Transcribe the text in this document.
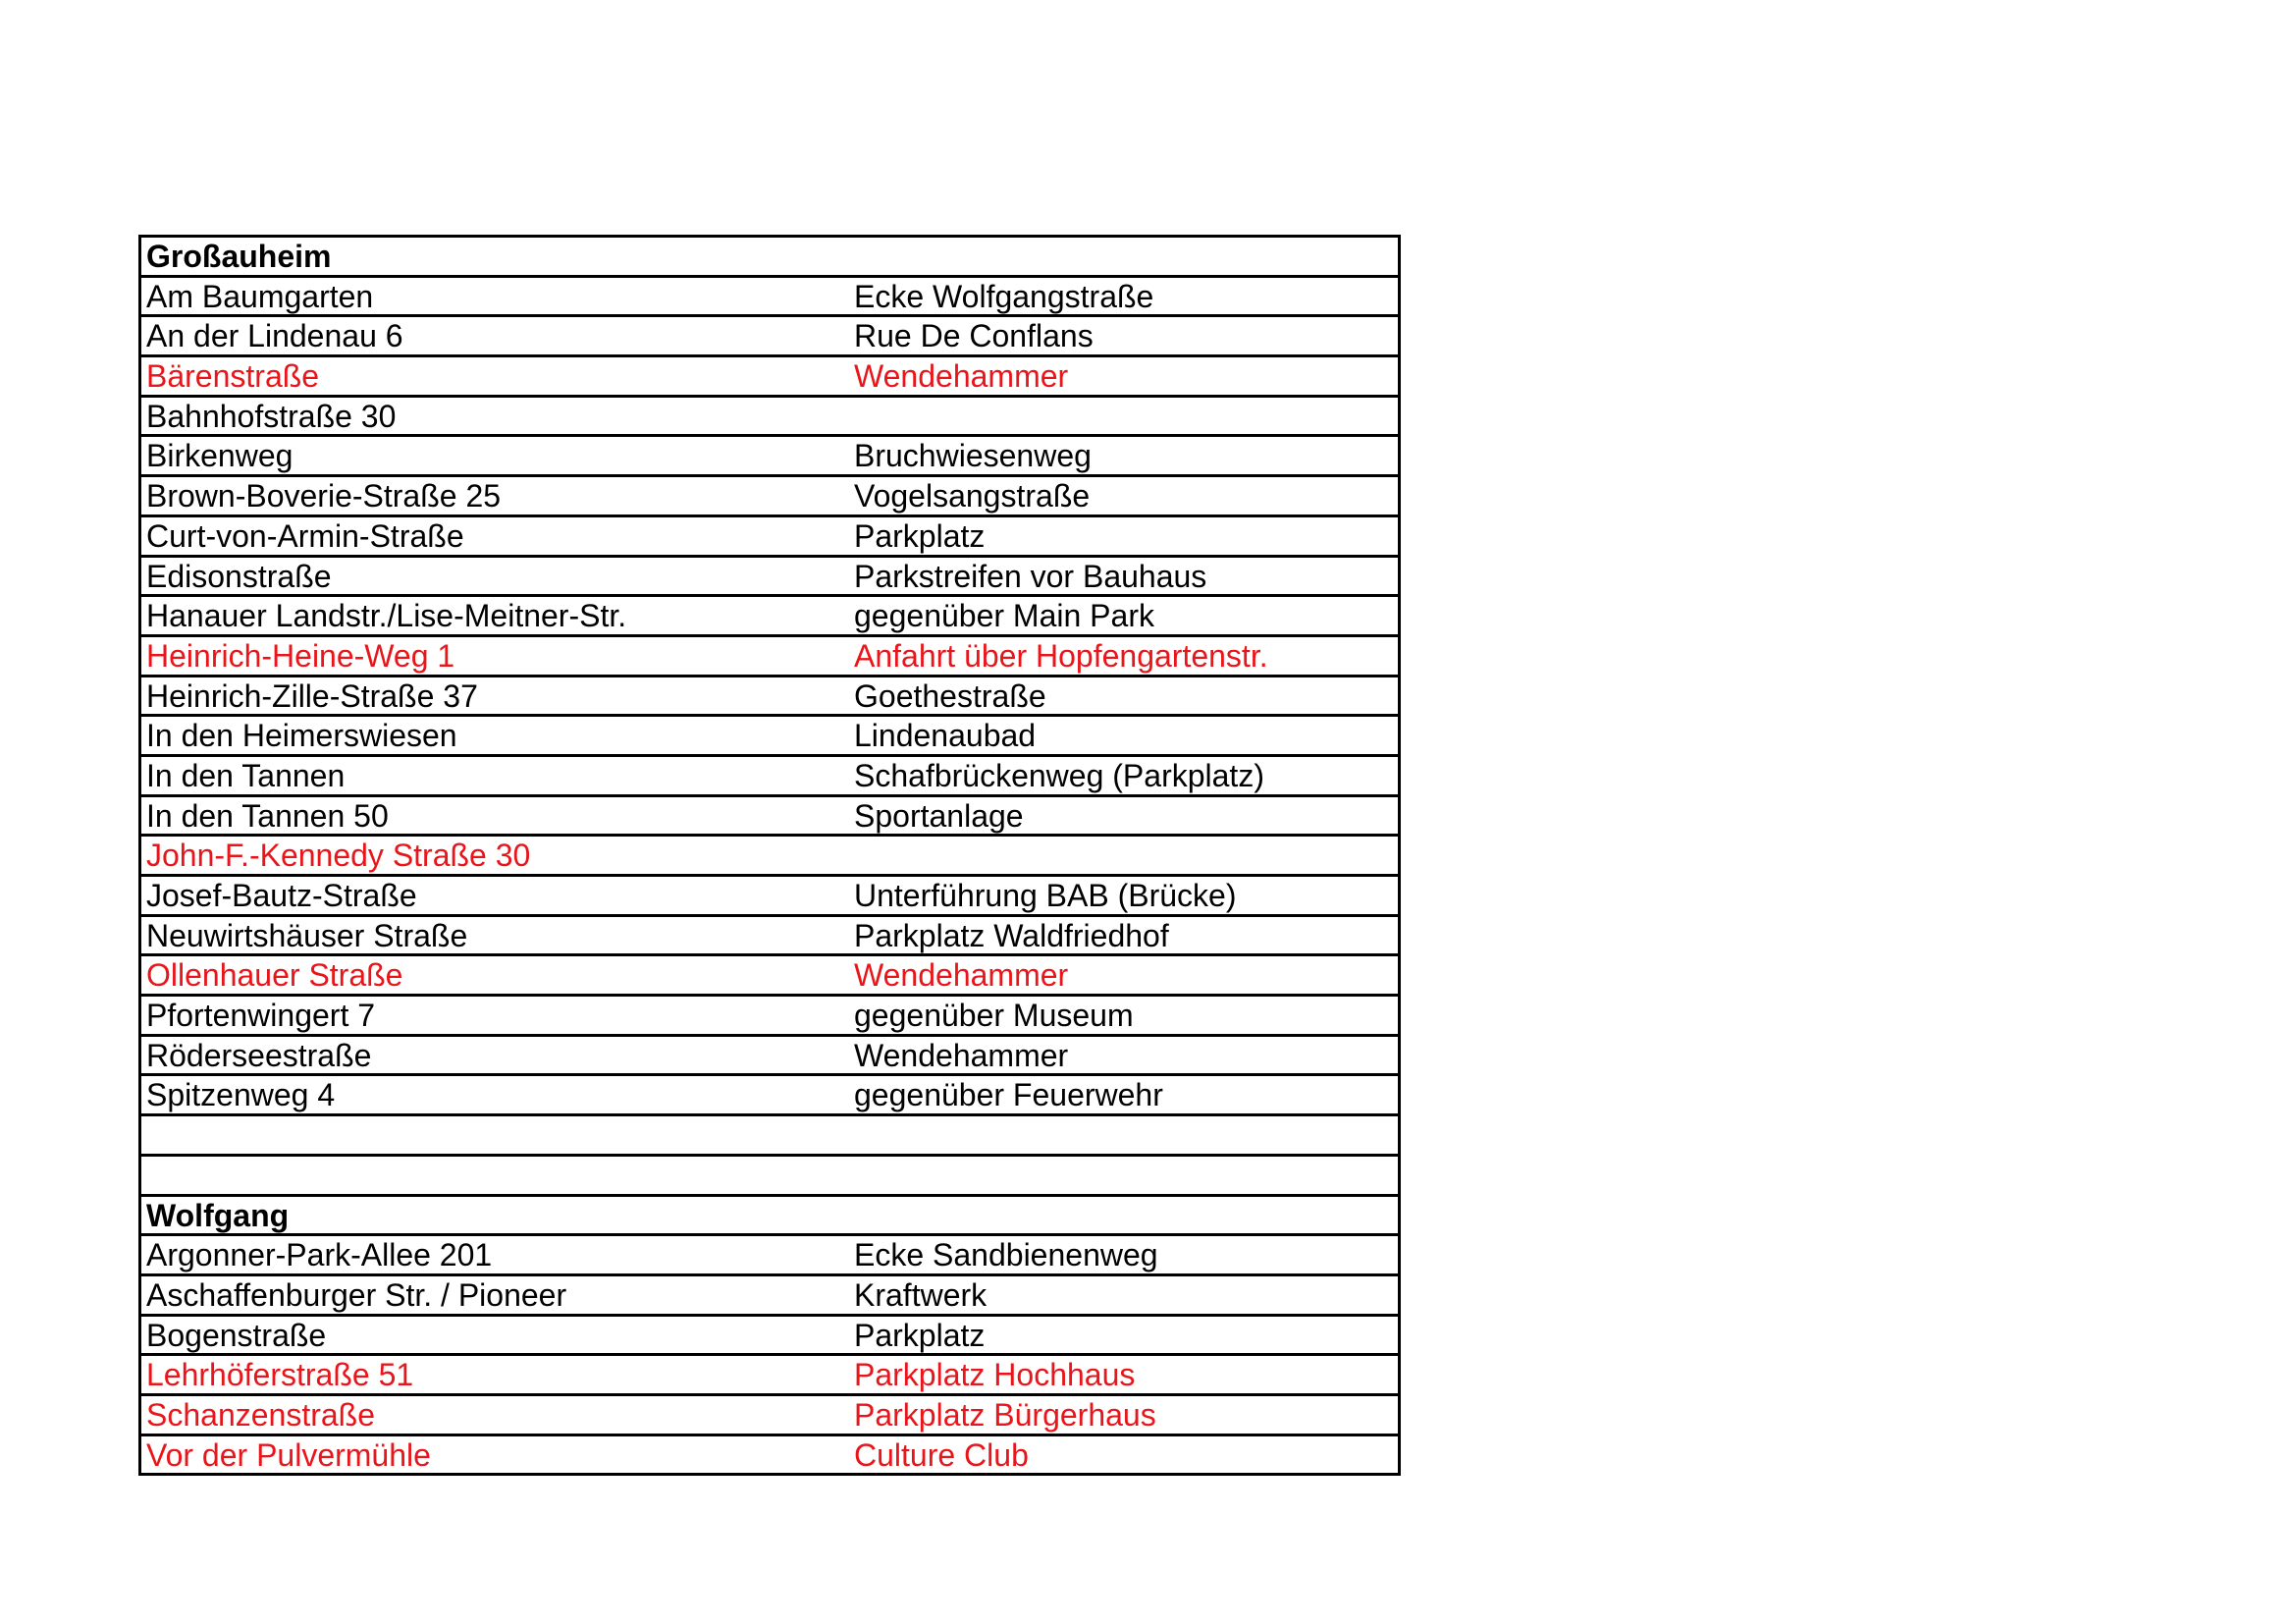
Großauheim
Am Baumgarten	Ecke Wolfgangstraße
An der Lindenau 6	Rue De Conflans
Bärenstraße	Wendehammer
Bahnhofstraße 30
Birkenweg	Bruchwiesenweg
Brown-Boverie-Straße 25	Vogelsangstraße
Curt-von-Armin-Straße	Parkplatz
Edisonstraße	Parkstreifen vor Bauhaus
Hanauer Landstr./Lise-Meitner-Str.	gegenüber Main Park
Heinrich-Heine-Weg 1	Anfahrt über Hopfengartenstr.
Heinrich-Zille-Straße 37	Goethestraße
In den Heimerswiesen	Lindenaubad
In den Tannen	Schafbrückenweg (Parkplatz)
In den Tannen 50	Sportanlage
John-F.-Kennedy Straße 30
Josef-Bautz-Straße	Unterführung BAB (Brücke)
Neuwirtshäuser Straße	Parkplatz Waldfriedhof
Ollenhauer Straße	Wendehammer
Pfortenwingert 7	gegenüber Museum
Röderseestraße	Wendehammer
Spitzenweg 4	gegenüber Feuerwehr
Wolfgang
Argonner-Park-Allee 201	Ecke Sandbienenweg
Aschaffenburger Str. / Pioneer	Kraftwerk
Bogenstraße	Parkplatz
Lehrhöferstraße 51	Parkplatz Hochhaus
Schanzenstraße	Parkplatz Bürgerhaus
Vor der Pulvermühle	Culture Club
